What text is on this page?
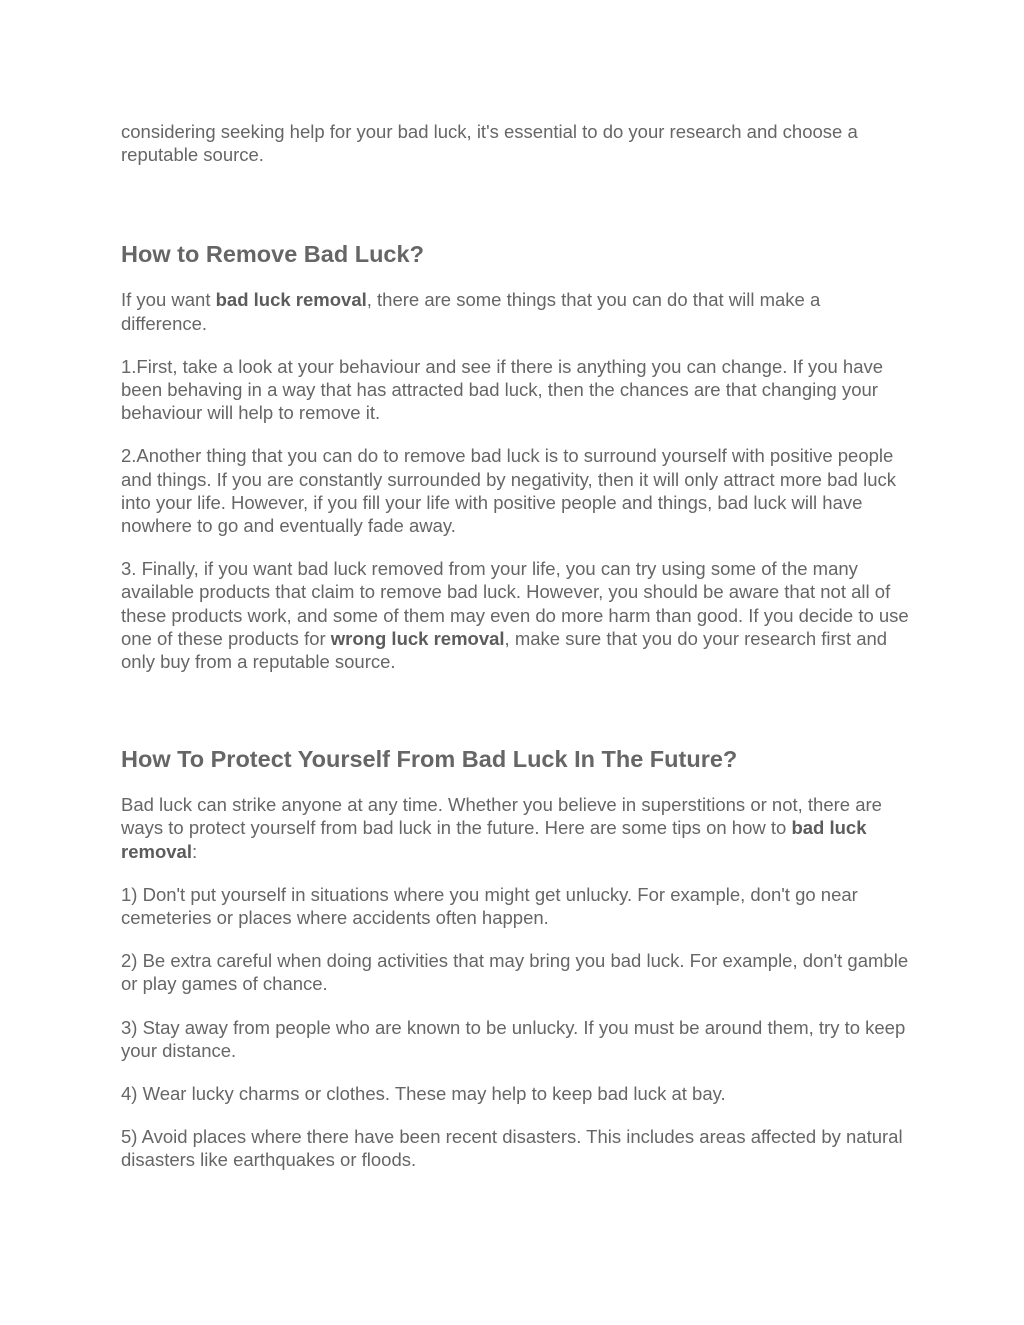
considering seeking help for your bad luck, it's essential to do your research and choose a reputable source.

How to Remove Bad Luck?

If you want bad luck removal, there are some things that you can do that will make a difference.

1.First, take a look at your behaviour and see if there is anything you can change. If you have been behaving in a way that has attracted bad luck, then the chances are that changing your behaviour will help to remove it.

2.Another thing that you can do to remove bad luck is to surround yourself with positive people and things. If you are constantly surrounded by negativity, then it will only attract more bad luck into your life. However, if you fill your life with positive people and things, bad luck will have nowhere to go and eventually fade away.

3. Finally, if you want bad luck removed from your life, you can try using some of the many available products that claim to remove bad luck. However, you should be aware that not all of these products work, and some of them may even do more harm than good. If you decide to use one of these products for wrong luck removal, make sure that you do your research first and only buy from a reputable source.

How To Protect Yourself From Bad Luck In The Future?

Bad luck can strike anyone at any time. Whether you believe in superstitions or not, there are ways to protect yourself from bad luck in the future. Here are some tips on how to bad luck removal:

1) Don't put yourself in situations where you might get unlucky. For example, don't go near cemeteries or places where accidents often happen.

2) Be extra careful when doing activities that may bring you bad luck. For example, don't gamble or play games of chance.

3) Stay away from people who are known to be unlucky. If you must be around them, try to keep your distance.

4) Wear lucky charms or clothes. These may help to keep bad luck at bay.

5) Avoid places where there have been recent disasters. This includes areas affected by natural disasters like earthquakes or floods.
